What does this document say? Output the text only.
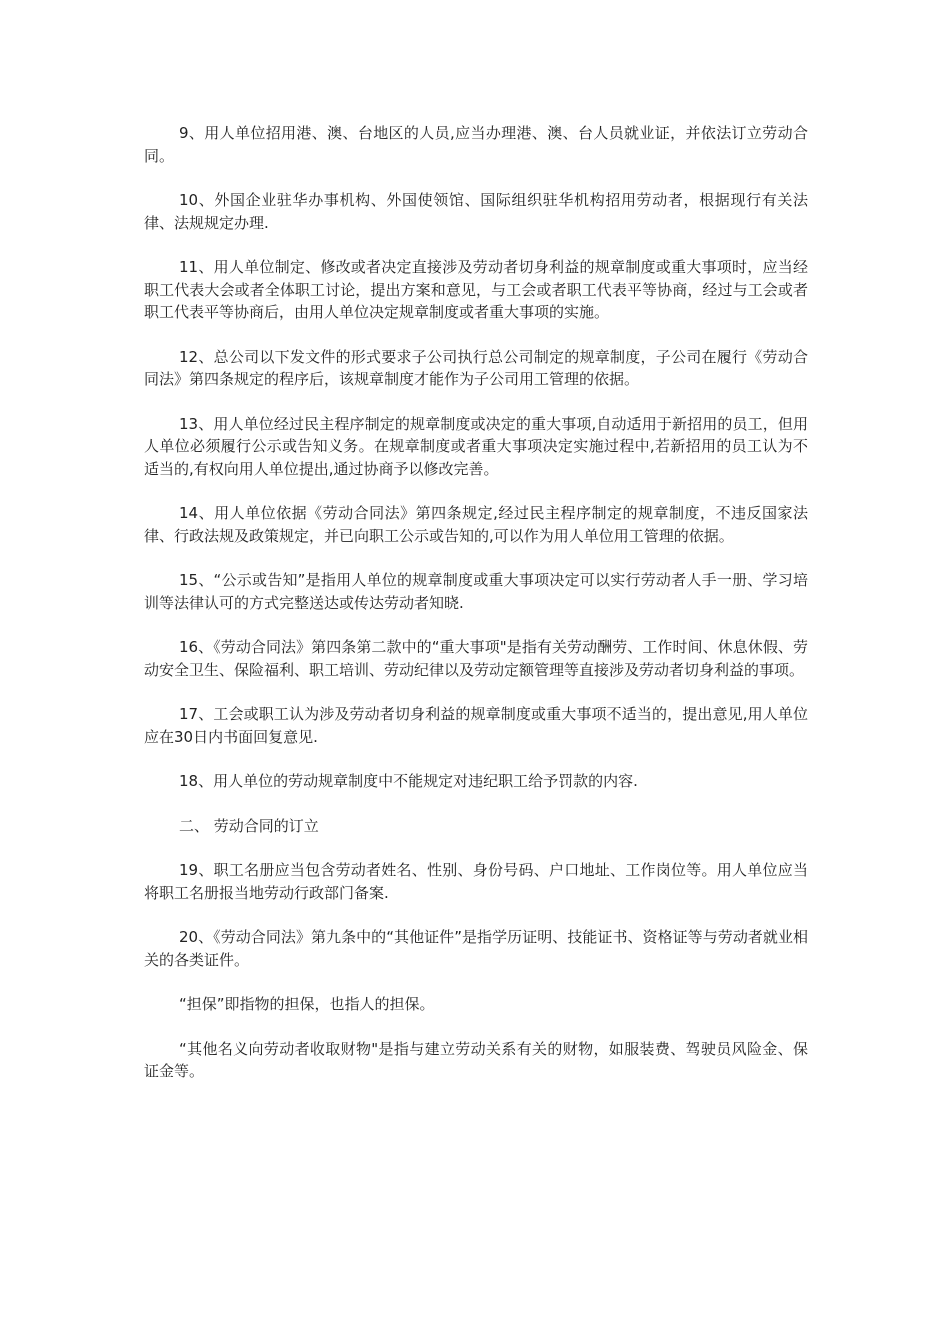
9、用人单位招用港、澳、台地区的人员,应当办理港、澳、台人员就业证，并依法订立劳动合同。

10、外国企业驻华办事机构、外国使领馆、国际组织驻华机构招用劳动者，根据现行有关法律、法规规定办理.

11、用人单位制定、修改或者决定直接涉及劳动者切身利益的规章制度或重大事项时，应当经职工代表大会或者全体职工讨论，提出方案和意见，与工会或者职工代表平等协商，经过与工会或者职工代表平等协商后，由用人单位决定规章制度或者重大事项的实施。

12、总公司以下发文件的形式要求子公司执行总公司制定的规章制度，子公司在履行《劳动合同法》第四条规定的程序后，该规章制度才能作为子公司用工管理的依据。

13、用人单位经过民主程序制定的规章制度或决定的重大事项,自动适用于新招用的员工，但用人单位必须履行公示或告知义务。在规章制度或者重大事项决定实施过程中,若新招用的员工认为不适当的,有权向用人单位提出,通过协商予以修改完善。

14、用人单位依据《劳动合同法》第四条规定,经过民主程序制定的规章制度，不违反国家法律、行政法规及政策规定，并已向职工公示或告知的,可以作为用人单位用工管理的依据。

15、“公示或告知”是指用人单位的规章制度或重大事项决定可以实行劳动者人手一册、学习培训等法律认可的方式完整送达或传达劳动者知晓.

16、《劳动合同法》第四条第二款中的“重大事项"是指有关劳动酬劳、工作时间、休息休假、劳动安全卫生、保险福利、职工培训、劳动纪律以及劳动定额管理等直接涉及劳动者切身利益的事项。

17、工会或职工认为涉及劳动者切身利益的规章制度或重大事项不适当的，提出意见,用人单位应在30日内书面回复意见.

18、用人单位的劳动规章制度中不能规定对违纪职工给予罚款的内容.

二、 劳动合同的订立

19、职工名册应当包含劳动者姓名、性别、身份号码、户口地址、工作岗位等。用人单位应当将职工名册报当地劳动行政部门备案.

20、《劳动合同法》第九条中的“其他证件”是指学历证明、技能证书、资格证等与劳动者就业相关的各类证件。

“担保”即指物的担保，也指人的担保。

“其他名义向劳动者收取财物"是指与建立劳动关系有关的财物，如服装费、驾驶员风险金、保证金等。
